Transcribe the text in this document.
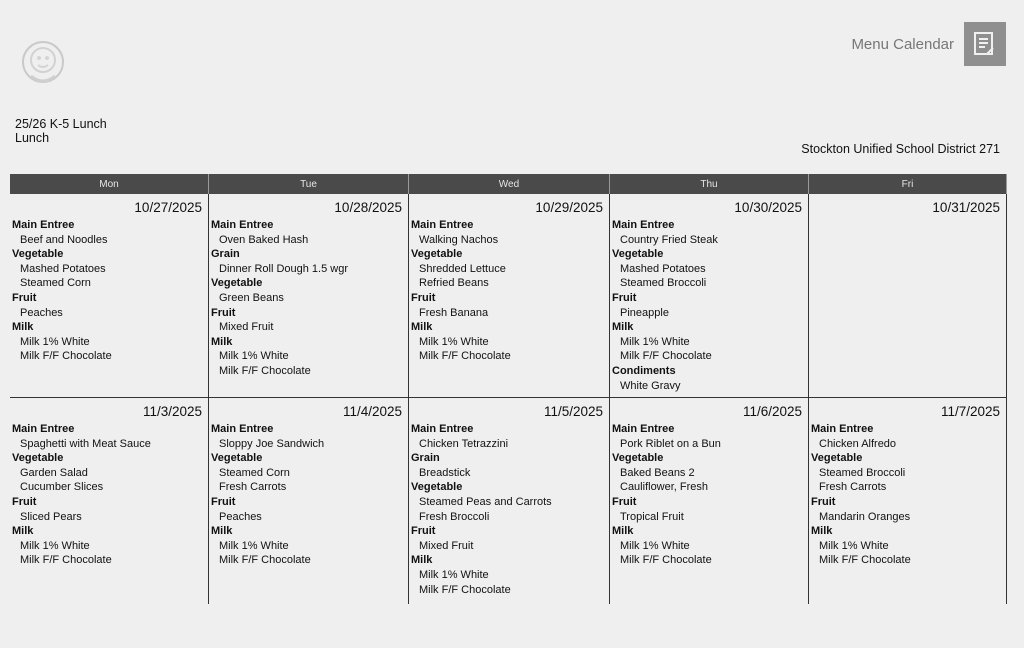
Menu Calendar
25/26 K-5 Lunch
Lunch
Stockton Unified School District 271
Mon	Tue	Wed	Thu	Fri
10/27/2025
Main Entree
Beef and Noodles
Vegetable
Mashed Potatoes
Steamed Corn
Fruit
Peaches
Milk
Milk 1% White
Milk F/F Chocolate
10/28/2025
Main Entree
Oven Baked Hash
Grain
Dinner Roll Dough 1.5 wgr
Vegetable
Green Beans
Fruit
Mixed Fruit
Milk
Milk 1% White
Milk F/F Chocolate
10/29/2025
Main Entree
Walking Nachos
Vegetable
Shredded Lettuce
Refried Beans
Fruit
Fresh Banana
Milk
Milk 1% White
Milk F/F Chocolate
10/30/2025
Main Entree
Country Fried Steak
Vegetable
Mashed Potatoes
Steamed Broccoli
Fruit
Pineapple
Milk
Milk 1% White
Milk F/F Chocolate
Condiments
White Gravy
10/31/2025
11/3/2025
Main Entree
Spaghetti with Meat Sauce
Vegetable
Garden Salad
Cucumber Slices
Fruit
Sliced Pears
Milk
Milk 1% White
Milk F/F Chocolate
11/4/2025
Main Entree
Sloppy Joe Sandwich
Vegetable
Steamed Corn
Fresh Carrots
Fruit
Peaches
Milk
Milk 1% White
Milk F/F Chocolate
11/5/2025
Main Entree
Chicken Tetrazzini
Grain
Breadstick
Vegetable
Steamed Peas and Carrots
Fresh Broccoli
Fruit
Mixed Fruit
Milk
Milk 1% White
Milk F/F Chocolate
11/6/2025
Main Entree
Pork Riblet on a Bun
Vegetable
Baked Beans 2
Cauliflower, Fresh
Fruit
Tropical Fruit
Milk
Milk 1% White
Milk F/F Chocolate
11/7/2025
Main Entree
Chicken Alfredo
Vegetable
Steamed Broccoli
Fresh Carrots
Fruit
Mandarin Oranges
Milk
Milk 1% White
Milk F/F Chocolate
